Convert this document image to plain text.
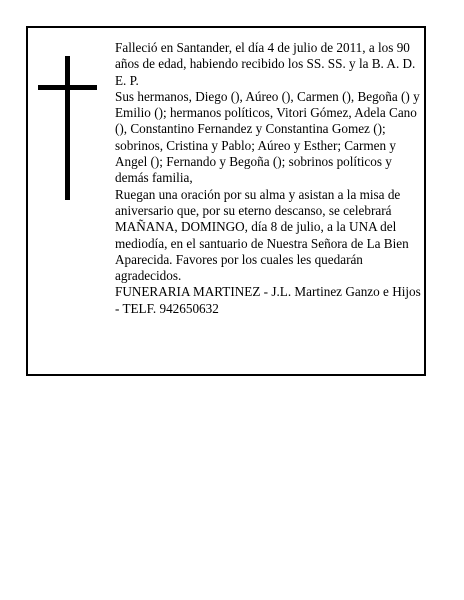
Falleció en Santander, el día 4 de julio de 2011, a los 90 años de edad, habiendo recibido los SS. SS. y la B. A. D. E. P.

Sus hermanos, Diego (), Aúreo (), Carmen (), Begoña () y Emilio (); hermanos políticos, Vitori Gómez, Adela Cano (), Constantino Fernandez y Constantina Gomez (); sobrinos, Cristina y Pablo; Aúreo y Esther; Carmen y Angel (); Fernando y Begoña (); sobrinos políticos y demás familia,

Ruegan una oración por su alma y asistan a la misa de aniversario que, por su eterno descanso, se celebrará MAÑANA, DOMINGO, día 8 de julio, a la UNA del mediodía, en el santuario de Nuestra Señora de La Bien Aparecida. Favores por los cuales les quedarán agradecidos.

FUNERARIA MARTINEZ - J.L. Martinez Ganzo e Hijos - TELF. 942650632
